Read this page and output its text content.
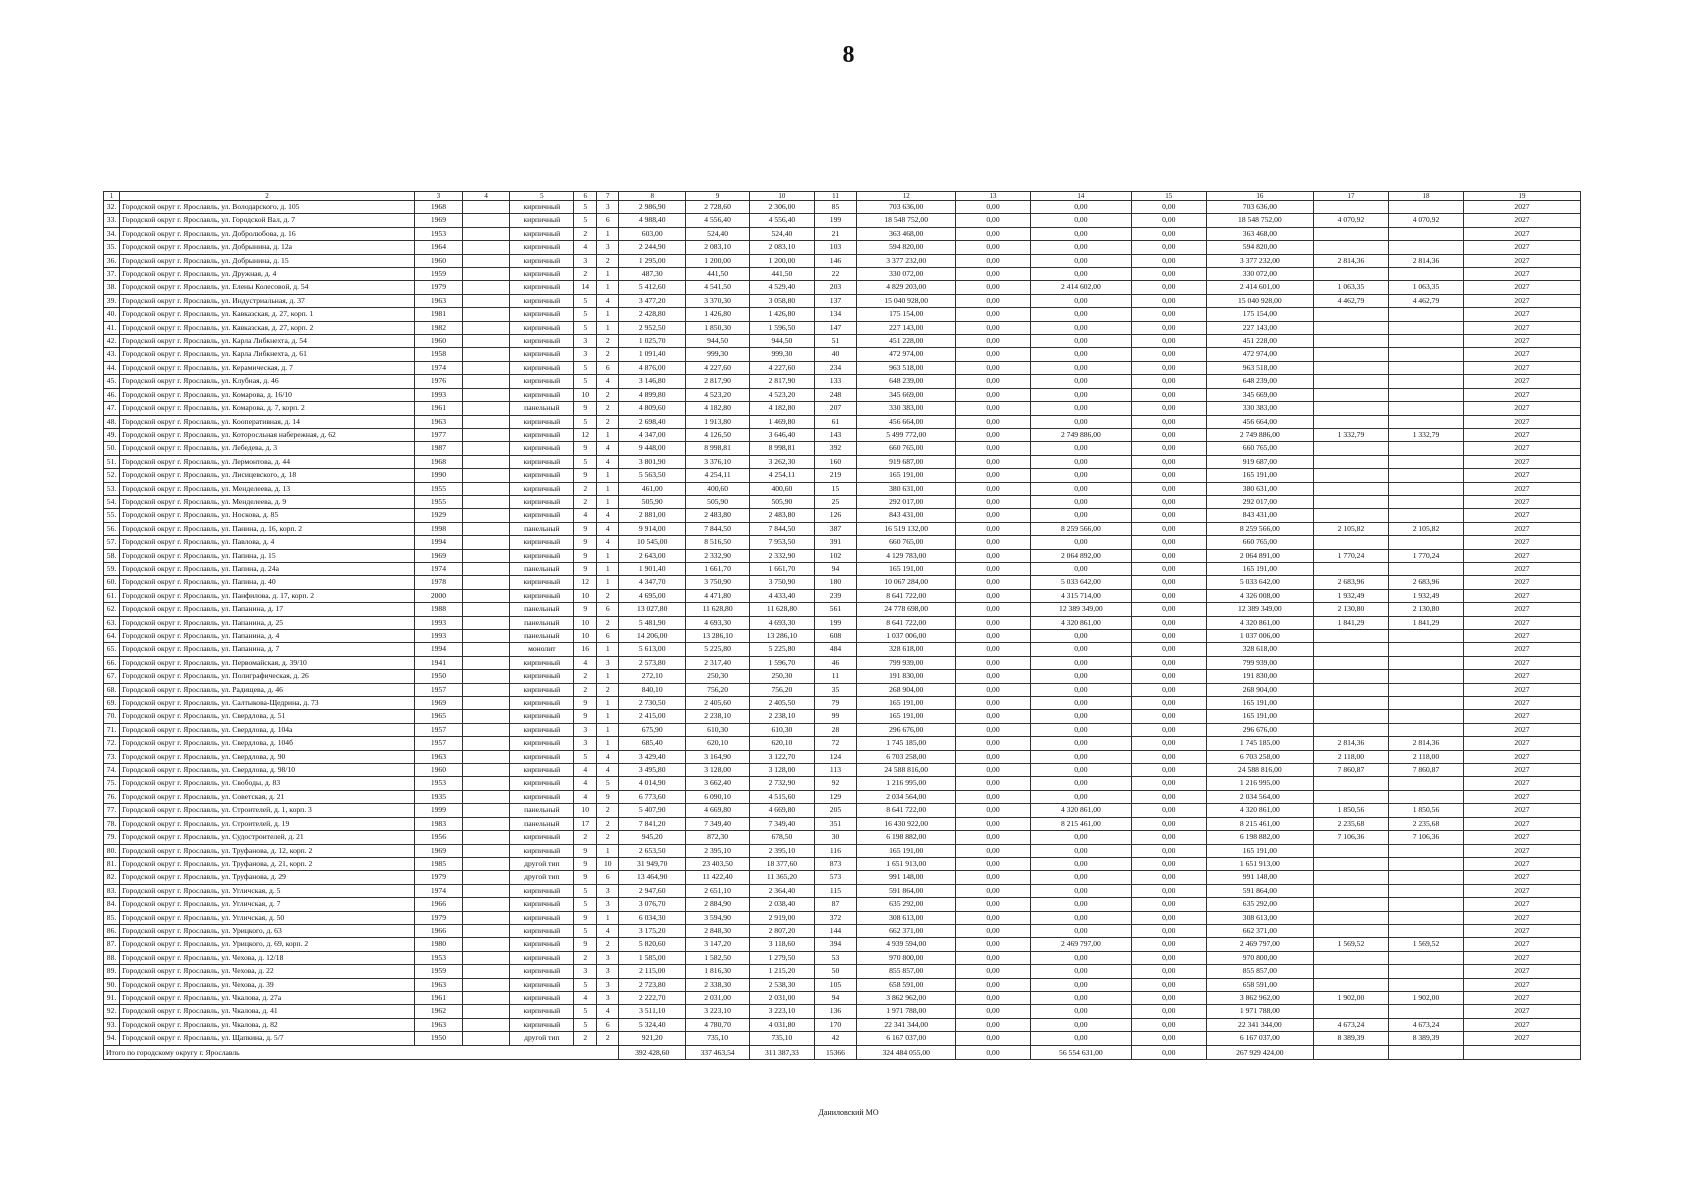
8
1	2	3	4	5	6	7	8	9	10	11	12	13	14	15	16	17	18	19
32.	Городской округ г. Ярославль, ул. Володарского, д. 105	1968		кирпичный	5	3	2 986,90	2 728,60	2 306,00	85	703 636,00	0,00	0,00	0,00	703 636,00			2027
33.	Городской округ г. Ярославль, ул. Городской Вал, д. 7	1969		кирпичный	5	6	4 988,40	4 556,40	4 556,40	199	18 548 752,00	0,00	0,00	0,00	18 548 752,00	4 070,92	4 070,92	2027
34.	Городской округ г. Ярославль, ул. Добролюбова, д. 16	1953		кирпичный	2	1	603,00	524,40	524,40	21	363 468,00	0,00	0,00	0,00	363 468,00			2027
35.	Городской округ г. Ярославль, ул. Добрынина, д. 12а	1964		кирпичный	4	3	2 244,90	2 083,10	2 083,10	103	594 820,00	0,00	0,00	0,00	594 820,00			2027
36.	Городской округ г. Ярославль, ул. Добрынина, д. 15	1960		кирпичный	3	2	1 295,00	1 200,00	1 200,00	146	3 377 232,00	0,00	0,00	0,00	3 377 232,00	2 814,36	2 814,36	2027
37.	Городской округ г. Ярославль, ул. Дружная, д. 4	1959		кирпичный	2	1	487,30	441,50	441,50	22	330 072,00	0,00	0,00	0,00	330 072,00			2027
38.	Городской округ г. Ярославль, ул. Елены Колесовой, д. 54	1979		кирпичный	14	1	5 412,60	4 541,50	4 529,40	203	4 829 203,00	0,00	2 414 602,00	0,00	2 414 601,00	1 063,35	1 063,35	2027
39.	Городской округ г. Ярославль, ул. Индустриальная, д. 37	1963		кирпичный	5	4	3 477,20	3 370,30	3 058,80	137	15 040 928,00	0,00	0,00	0,00	15 040 928,00	4 462,79	4 462,79	2027
40.	Городской округ г. Ярославль, ул. Кавказская, д. 27, корп. 1	1981		кирпичный	5	1	2 428,80	1 426,80	1 426,80	134	175 154,00	0,00	0,00	0,00	175 154,00			2027
41.	Городской округ г. Ярославль, ул. Кавказская, д. 27, корп. 2	1982		кирпичный	5	1	2 952,50	1 850,30	1 596,50	147	227 143,00	0,00	0,00	0,00	227 143,00			2027
42.	Городской округ г. Ярославль, ул. Карла Либкнехта, д. 54	1960		кирпичный	3	2	1 025,70	944,50	944,50	51	451 228,00	0,00	0,00	0,00	451 228,00			2027
43.	Городской округ г. Ярославль, ул. Карла Либкнехта, д. 61	1958		кирпичный	3	2	1 091,40	999,30	999,30	40	472 974,00	0,00	0,00	0,00	472 974,00			2027
44.	Городской округ г. Ярославль, ул. Керамическая, д. 7	1974		кирпичный	5	6	4 876,00	4 227,60	4 227,60	234	963 518,00	0,00	0,00	0,00	963 518,00			2027
45.	Городской округ г. Ярославль, ул. Клубная, д. 46	1976		кирпичный	5	4	3 146,80	2 817,90	2 817,90	133	648 239,00	0,00	0,00	0,00	648 239,00			2027
46.	Городской округ г. Ярославль, ул. Комарова, д. 16/10	1993		кирпичный	10	2	4 899,80	4 523,20	4 523,20	248	345 669,00	0,00	0,00	0,00	345 669,00			2027
47.	Городской округ г. Ярославль, ул. Комарова, д. 7, корп. 2	1961		панельный	9	2	4 809,60	4 182,80	4 182,80	207	330 383,00	0,00	0,00	0,00	330 383,00			2027
48.	Городской округ г. Ярославль, ул. Кооперативная, д. 14	1963		кирпичный	5	2	2 698,40	1 913,80	1 469,80	61	456 664,00	0,00	0,00	0,00	456 664,00			2027
49.	Городской округ г. Ярославль, ул. Которосльная набережная, д. 62	1977		кирпичный	12	1	4 347,00	4 126,50	3 646,40	143	5 499 772,00	0,00	2 749 886,00	0,00	2 749 886,00	1 332,79	1 332,79	2027
50.	Городской округ г. Ярославль, ул. Лебедева, д. 3	1987		кирпичный	9	4	9 448,00	8 998,81	8 998,81	392	660 765,00	0,00	0,00	0,00	660 765,00			2027
51.	Городской округ г. Ярославль, ул. Лермонтова, д. 44	1968		кирпичный	5	4	3 801,90	3 376,10	3 262,30	160	919 687,00	0,00	0,00	0,00	919 687,00			2027
52.	Городской округ г. Ярославль, ул. Лисицевского, д. 18	1990		кирпичный	9	1	5 563,50	4 254,11	4 254,11	219	165 191,00	0,00	0,00	0,00	165 191,00			2027
53.	Городской округ г. Ярославль, ул. Менделеева, д. 13	1955		кирпичный	2	1	461,00	400,60	400,60	15	380 631,00	0,00	0,00	0,00	380 631,00			2027
54.	Городской округ г. Ярославль, ул. Менделеева, д. 9	1955		кирпичный	2	1	505,90	505,90	505,90	25	292 017,00	0,00	0,00	0,00	292 017,00			2027
55.	Городской округ г. Ярославль, ул. Носкова, д. 85	1929		кирпичный	4	4	2 881,00	2 483,80	2 483,80	126	843 431,00	0,00	0,00	0,00	843 431,00			2027
56.	Городской округ г. Ярославль, ул. Панина, д. 16, корп. 2	1998		панельный	9	4	9 914,00	7 844,50	7 844,50	387	16 519 132,00	0,00	8 259 566,00	0,00	8 259 566,00	2 105,82	2 105,82	2027
57.	Городской округ г. Ярославль, ул. Павлова, д. 4	1994		кирпичный	9	4	10 545,00	8 516,50	7 953,50	391	660 765,00	0,00	0,00	0,00	660 765,00			2027
58.	Городской округ г. Ярославль, ул. Папина, д. 15	1969		кирпичный	9	1	2 643,00	2 332,90	2 332,90	102	4 129 783,00	0,00	2 064 892,00	0,00	2 064 891,00	1 770,24	1 770,24	2027
59.	Городской округ г. Ярославль, ул. Папина, д. 24а	1974		панельный	9	1	1 901,40	1 661,70	1 661,70	94	165 191,00	0,00	0,00	0,00	165 191,00			2027
60.	Городской округ г. Ярославль, ул. Папина, д. 40	1978		кирпичный	12	1	4 347,70	3 750,90	3 750,90	180	10 067 284,00	0,00	5 033 642,00	0,00	5 033 642,00	2 683,96	2 683,96	2027
61.	Городской округ г. Ярославль, ул. Панфилова, д. 17, корп. 2	2000		кирпичный	10	2	4 695,00	4 471,80	4 433,40	239	8 641 722,00	0,00	4 315 714,00	0,00	4 326 008,00	1 932,49	1 932,49	2027
62.	Городской округ г. Ярославль, ул. Папанина, д. 17	1988		панельный	9	6	13 027,80	11 628,80	11 628,80	561	24 778 698,00	0,00	12 389 349,00	0,00	12 389 349,00	2 130,80	2 130,80	2027
63.	Городской округ г. Ярославль, ул. Папанина, д. 25	1993		панельный	10	2	5 481,90	4 693,30	4 693,30	199	8 641 722,00	0,00	4 320 861,00	0,00	4 320 861,00	1 841,29	1 841,29	2027
64.	Городской округ г. Ярославль, ул. Папанина, д. 4	1993		панельный	10	6	14 206,00	13 286,10	13 286,10	608	1 037 006,00	0,00	0,00	0,00	1 037 006,00			2027
65.	Городской округ г. Ярославль, ул. Папанина, д. 7	1994		монолит	16	1	5 613,00	5 225,80	5 225,80	484	328 618,00	0,00	0,00	0,00	328 618,00			2027
66.	Городской округ г. Ярославль, ул. Первомайская, д. 39/10	1941		кирпичный	4	3	2 573,80	2 317,40	1 596,70	46	799 939,00	0,00	0,00	0,00	799 939,00			2027
67.	Городской округ г. Ярославль, ул. Полиграфическая, д. 26	1950		кирпичный	2	1	272,10	250,30	250,30	11	191 830,00	0,00	0,00	0,00	191 830,00			2027
68.	Городской округ г. Ярославль, ул. Радищева, д. 46	1957		кирпичный	2	2	840,10	756,20	756,20	35	268 904,00	0,00	0,00	0,00	268 904,00			2027
69.	Городской округ г. Ярославль, ул. Салтыкова-Щедрина, д. 73	1969		кирпичный	9	1	2 730,50	2 405,60	2 405,50	79	165 191,00	0,00	0,00	0,00	165 191,00			2027
70.	Городской округ г. Ярославль, ул. Свердлова, д. 51	1965		кирпичный	9	1	2 415,00	2 238,10	2 238,10	99	165 191,00	0,00	0,00	0,00	165 191,00			2027
71.	Городской округ г. Ярославль, ул. Свердлова, д. 104а	1957		кирпичный	3	1	675,90	610,30	610,30	28	296 676,00	0,00	0,00	0,00	296 676,00			2027
72.	Городской округ г. Ярославль, ул. Свердлова, д. 104б	1957		кирпичный	3	1	685,40	620,10	620,10	72	1 745 185,00	0,00	0,00	0,00	1 745 185,00	2 814,36	2 814,36	2027
73.	Городской округ г. Ярославль, ул. Свердлова, д. 90	1963		кирпичный	5	4	3 429,40	3 164,90	3 122,70	124	6 703 258,00	0,00	0,00	0,00	6 703 258,00	2 118,00	2 118,00	2027
74.	Городской округ г. Ярославль, ул. Свердлова, д. 98/10	1960		кирпичный	4	4	3 495,80	3 128,00	3 128,00	113	24 588 816,00	0,00	0,00	0,00	24 588 816,00	7 860,87	7 860,87	2027
75.	Городской округ г. Ярославль, ул. Свободы, д. 83	1953		кирпичный	4	5	4 014,90	3 662,40	2 732,90	92	1 216 995,00	0,00	0,00	0,00	1 216 995,00			2027
76.	Городской округ г. Ярославль, ул. Советская, д. 21	1935		кирпичный	4	9	6 773,60	6 090,10	4 515,60	129	2 034 564,00	0,00	0,00	0,00	2 034 564,00			2027
77.	Городской округ г. Ярославль, ул. Строителей, д. 1, корп. 3	1999		панельный	10	2	5 407,90	4 669,80	4 669,80	205	8 641 722,00	0,00	4 320 861,00	0,00	4 320 861,00	1 850,56	1 850,56	2027
78.	Городской округ г. Ярославль, ул. Строителей, д. 19	1983		панельный	17	2	7 841,20	7 349,40	7 349,40	351	16 430 922,00	0,00	8 215 461,00	0,00	8 215 461,00	2 235,68	2 235,68	2027
79.	Городской округ г. Ярославль, ул. Судостроителей, д. 21	1956		кирпичный	2	2	945,20	872,30	678,50	30	6 198 882,00	0,00	0,00	0,00	6 198 882,00	7 106,36	7 106,36	2027
80.	Городской округ г. Ярославль, ул. Труфанова, д. 12, корп. 2	1969		кирпичный	9	1	2 653,50	2 395,10	2 395,10	116	165 191,00	0,00	0,00	0,00	165 191,00			2027
81.	Городской округ г. Ярославль, ул. Труфанова, д. 21, корп. 2	1985		другой тип	9	10	31 949,70	23 403,50	18 377,60	873	1 651 913,00	0,00	0,00	0,00	1 651 913,00			2027
82.	Городской округ г. Ярославль, ул. Труфанова, д. 29	1979		другой тип	9	6	13 464,90	11 422,40	11 365,20	573	991 148,00	0,00	0,00	0,00	991 148,00			2027
83.	Городской округ г. Ярославль, ул. Угличская, д. 5	1974		кирпичный	5	3	2 947,60	2 651,10	2 364,40	115	591 864,00	0,00	0,00	0,00	591 864,00			2027
84.	Городской округ г. Ярославль, ул. Угличская, д. 7	1966		кирпичный	5	3	3 076,70	2 884,90	2 038,40	87	635 292,00	0,00	0,00	0,00	635 292,00			2027
85.	Городской округ г. Ярославль, ул. Угличская, д. 50	1979		кирпичный	9	1	6 034,30	3 594,90	2 919,00	372	308 613,00	0,00	0,00	0,00	308 613,00			2027
86.	Городской округ г. Ярославль, ул. Урицкого, д. 63	1966		кирпичный	5	4	3 175,20	2 848,30	2 807,20	144	662 371,00	0,00	0,00	0,00	662 371,00			2027
87.	Городской округ г. Ярославль, ул. Урицкого, д. 69, корп. 2	1980		кирпичный	9	2	5 820,60	3 147,20	3 118,60	394	4 939 594,00	0,00	2 469 797,00	0,00	2 469 797,00	1 569,52	1 569,52	2027
88.	Городской округ г. Ярославль, ул. Чехова, д. 12/18	1953		кирпичный	2	3	1 585,00	1 582,50	1 279,50	53	970 800,00	0,00	0,00	0,00	970 800,00			2027
89.	Городской округ г. Ярославль, ул. Чехова, д. 22	1959		кирпичный	3	3	2 115,00	1 816,30	1 215,20	50	855 857,00	0,00	0,00	0,00	855 857,00			2027
90.	Городской округ г. Ярославль, ул. Чехова, д. 39	1963		кирпичный	5	3	2 723,80	2 338,30	2 538,30	105	658 591,00	0,00	0,00	0,00	658 591,00			2027
91.	Городской округ г. Ярославль, ул. Чкалова, д. 27а	1961		кирпичный	4	3	2 222,70	2 031,00	2 031,00	94	3 862 962,00	0,00	0,00	0,00	3 862 962,00	1 902,00	1 902,00	2027
92.	Городской округ г. Ярославль, ул. Чкалова, д. 41	1962		кирпичный	5	4	3 511,10	3 223,10	3 223,10	136	1 971 788,00	0,00	0,00	0,00	1 971 788,00			2027
93.	Городской округ г. Ярославль, ул. Чкалова, д. 82	1963		кирпичный	5	6	5 324,40	4 780,70	4 031,80	170	22 341 344,00	0,00	0,00	0,00	22 341 344,00	4 673,24	4 673,24	2027
94.	Городской округ г. Ярославль, ул. Щапкина, д. 5/7	1950		другой тип	2	2	921,20	735,10	735,10	42	6 167 037,00	0,00	0,00	0,00	6 167 037,00	8 389,39	8 389,39	2027
Итого по городскому округу г. Ярославль							392 428,60	337 463,54	311 387,33	15366	324 484 055,00	0,00	56 554 631,00	0,00	267 929 424,00			
Даниловский МО
